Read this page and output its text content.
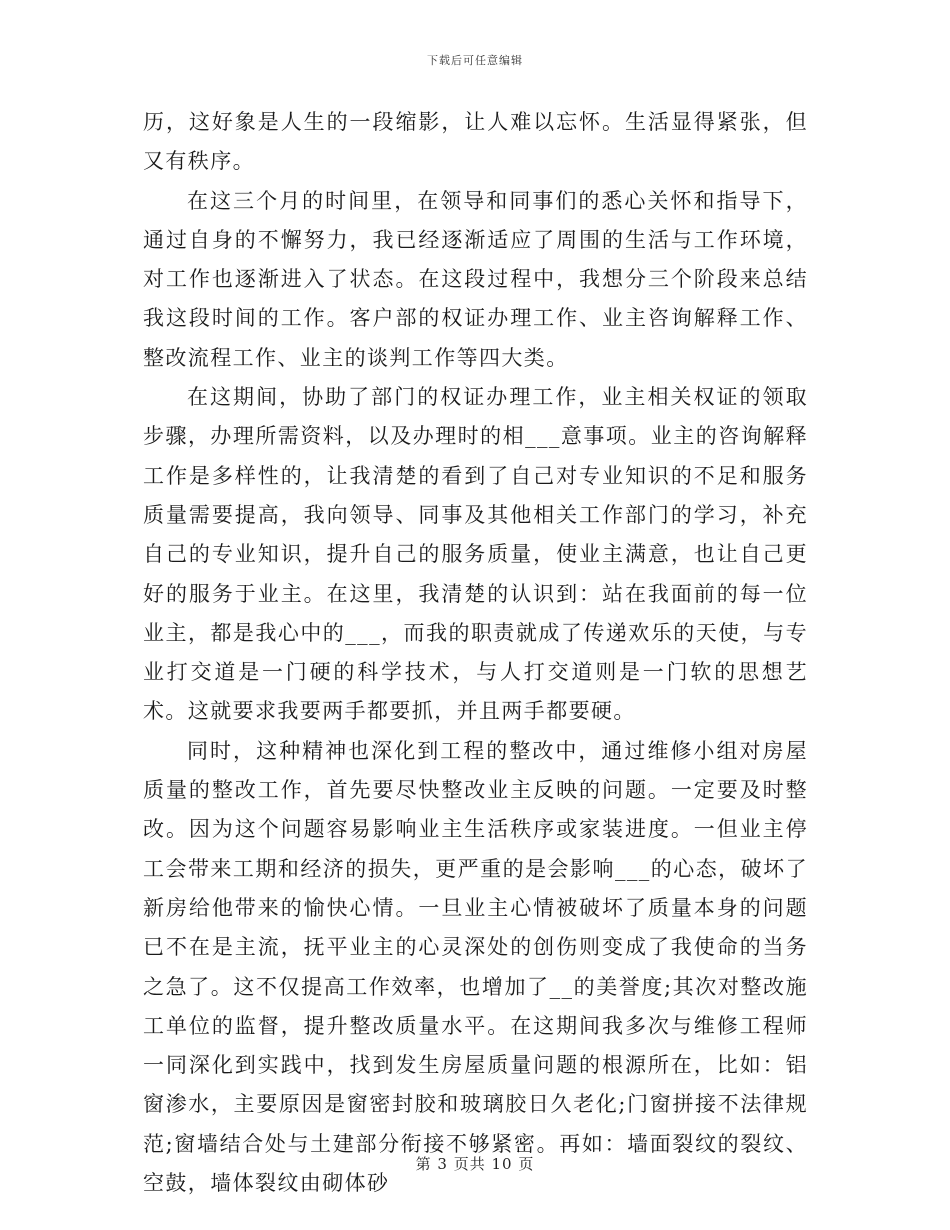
下载后可任意编辑

历，这好象是人生的一段缩影，让人难以忘怀。生活显得紧张，但又有秩序。

在这三个月的时间里，在领导和同事们的悉心关怀和指导下，通过自身的不懈努力，我已经逐渐适应了周围的生活与工作环境，对工作也逐渐进入了状态。在这段过程中，我想分三个阶段来总结我这段时间的工作。客户部的权证办理工作、业主咨询解释工作、整改流程工作、业主的谈判工作等四大类。

在这期间，协助了部门的权证办理工作，业主相关权证的领取步骤，办理所需资料，以及办理时的相___意事项。业主的咨询解释工作是多样性的，让我清楚的看到了自己对专业知识的不足和服务质量需要提高，我向领导、同事及其他相关工作部门的学习，补充自己的专业知识，提升自己的服务质量，使业主满意，也让自己更好的服务于业主。在这里，我清楚的认识到：站在我面前的每一位业主，都是我心中的___，而我的职责就成了传递欢乐的天使，与专业打交道是一门硬的科学技术，与人打交道则是一门软的思想艺术。这就要求我要两手都要抓，并且两手都要硬。

同时，这种精神也深化到工程的整改中，通过维修小组对房屋质量的整改工作，首先要尽快整改业主反映的问题。一定要及时整改。因为这个问题容易影响业主生活秩序或家装进度。一但业主停工会带来工期和经济的损失，更严重的是会影响___的心态，破坏了新房给他带来的愉快心情。一旦业主心情被破坏了质量本身的问题已不在是主流，抚平业主的心灵深处的创伤则变成了我使命的当务之急了。这不仅提高工作效率，也增加了__的美誉度;其次对整改施工单位的监督，提升整改质量水平。在这期间我多次与维修工程师一同深化到实践中，找到发生房屋质量问题的根源所在，比如：铝窗渗水，主要原因是窗密封胶和玻璃胶日久老化;门窗拼接不法律规范;窗墙结合处与土建部分衔接不够紧密。再如：墙面裂纹的裂纹、空鼓，墙体裂纹由砌体砂

第 3 页共 10 页
